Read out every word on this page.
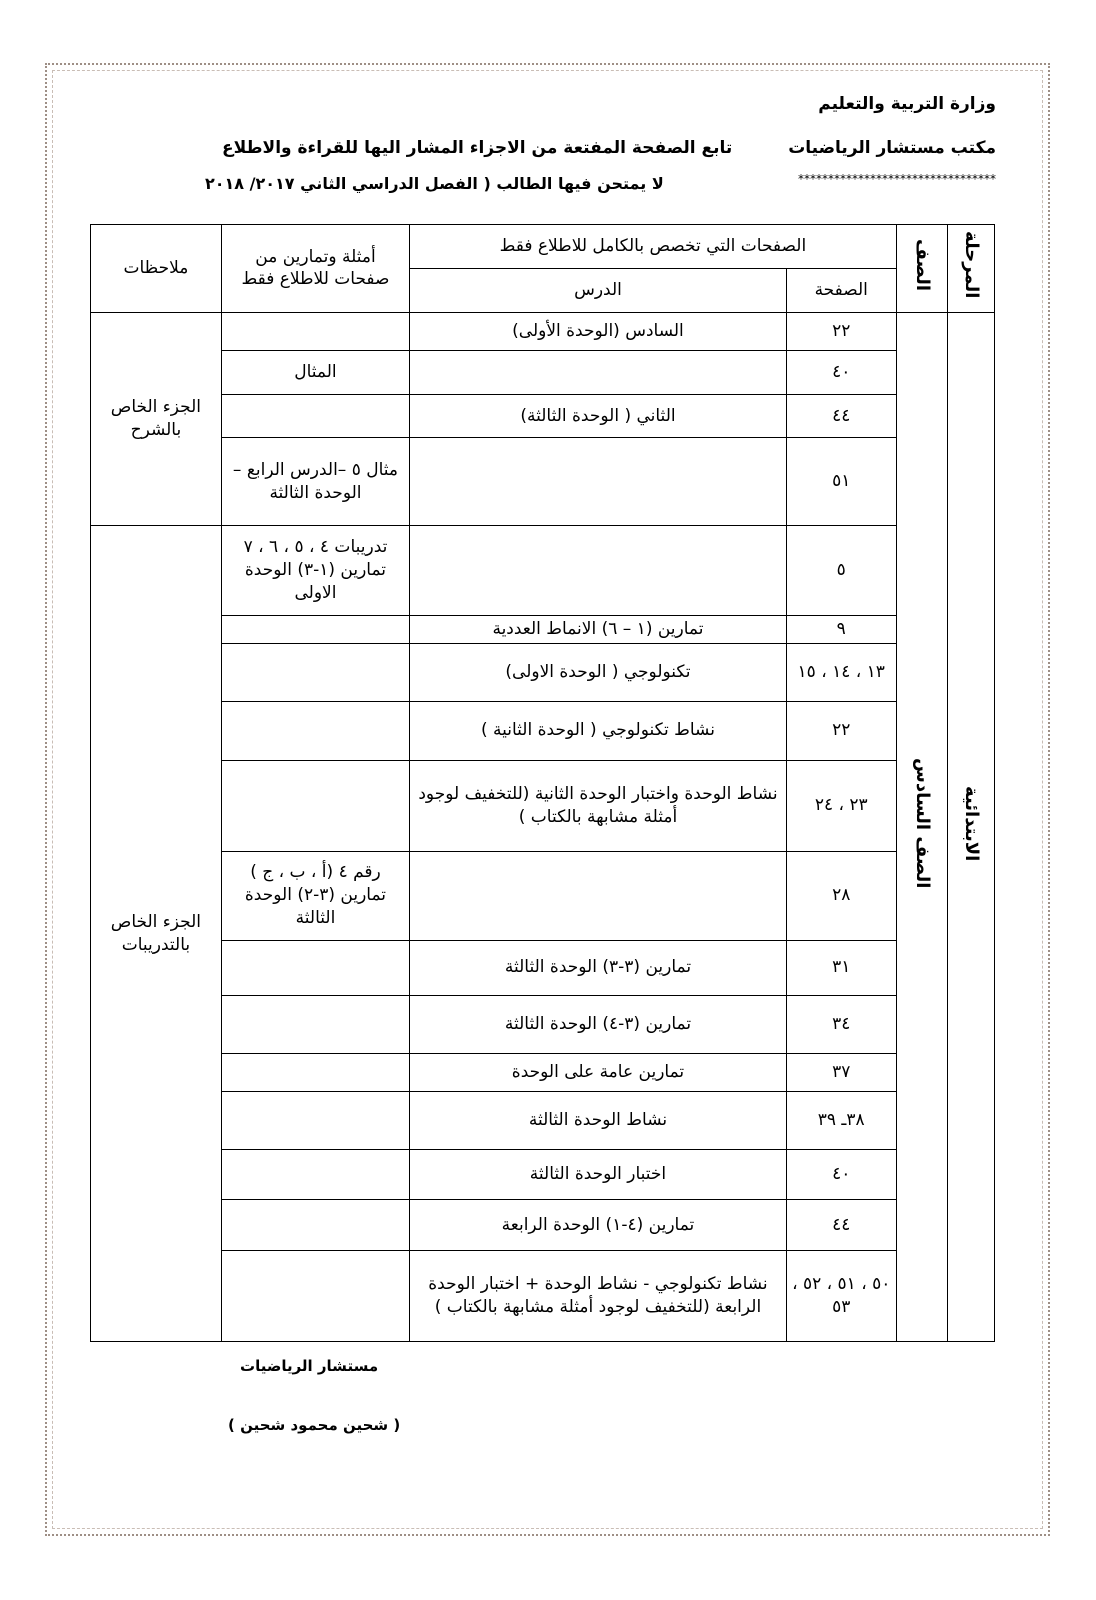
وزارة التربية والتعليم
مكتب مستشار الرياضيات
*********************************
تابع الصفحة المفتعة من الاجزاء المشار اليها للقراءة والاطلاع
لا يمتحن فيها الطالب ( الفصل الدراسي الثاني ٢٠١٧/ ٢٠١٨
المرحلة	الصف	الصفحات التي تخصص بالكامل للاطلاع فقط		أمثلة وتمارين من صفحات للاطلاع فقط	ملاحظات
		الصفحة	الدرس		
الابتدائية	الصف السادس	٢٢	السادس (الوحدة الأولى)		الجزء الخاص بالشرح
		٤٠		المثال	
		٤٤	الثاني ( الوحدة الثالثة)		
		٥١		مثال ٥ –الدرس الرابع – الوحدة الثالثة	
		٥		تدريبات ٤ ، ٥ ، ٦ ، ٧ تمارين (١-٣) الوحدة الاولى	الجزء الخاص بالتدريبات
		٩	تمارين (١ – ٦) الانماط العددية		
		١٣ ، ١٤ ، ١٥	تكنولوجي ( الوحدة الاولى)		
		٢٢	نشاط تكنولوجي ( الوحدة الثانية )		
		٢٣ ، ٢٤	نشاط الوحدة واختبار الوحدة الثانية (للتخفيف لوجود أمثلة مشابهة بالكتاب )		
		٢٨		رقم ٤ (أ ، ب ، ج ) تمارين (٣-٢) الوحدة الثالثة	
		٣١	تمارين (٣-٣) الوحدة الثالثة		
		٣٤	تمارين (٣-٤) الوحدة الثالثة		
		٣٧	تمارين عامة على الوحدة		
		٣٨ـ ٣٩	نشاط الوحدة الثالثة		
		٤٠	اختبار الوحدة الثالثة		
		٤٤	تمارين (٤-١) الوحدة الرابعة		
		٥٠ ، ٥١ ، ٥٢ ، ٥٣	نشاط تكنولوجي - نشاط الوحدة + اختبار الوحدة الرابعة (للتخفيف لوجود أمثلة مشابهة بالكتاب )		
مستشار الرياضيات
( شحين محمود شحين )
